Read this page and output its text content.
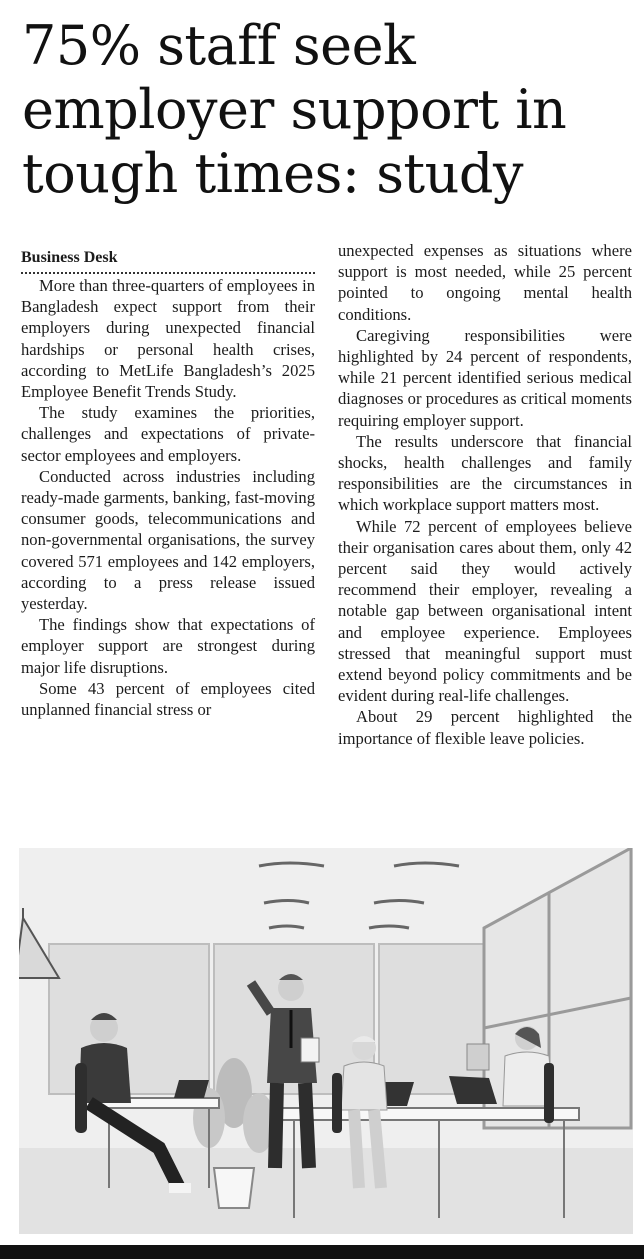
75% staff seek employer support in tough times: study
Business Desk

More than three-quarters of employees in Bangladesh expect support from their employers during unexpected financial hardships or personal health crises, according to MetLife Bangladesh’s 2025 Employee Benefit Trends Study.

The study examines the priorities, challenges and expectations of private-sector employees and employers.

Conducted across industries including ready-made garments, banking, fast-moving consumer goods, telecommunications and non-governmental organisations, the survey covered 571 employees and 142 employers, according to a press release issued yesterday.

The findings show that expectations of employer support are strongest during major life disruptions.

Some 43 percent of employees cited unplanned financial stress or

unexpected expenses as situations where support is most needed, while 25 percent pointed to ongoing mental health conditions.

Caregiving responsibilities were highlighted by 24 percent of respondents, while 21 percent identified serious medical diagnoses or procedures as critical moments requiring employer support.

The results underscore that financial shocks, health challenges and family responsibilities are the circumstances in which workplace support matters most.

While 72 percent of employees believe their organisation cares about them, only 42 percent said they would actively recommend their employer, revealing a notable gap between organisational intent and employee experience. Employees stressed that meaningful support must extend beyond policy commitments and be evident during real-life challenges.

About 29 percent highlighted the importance of flexible leave policies.
